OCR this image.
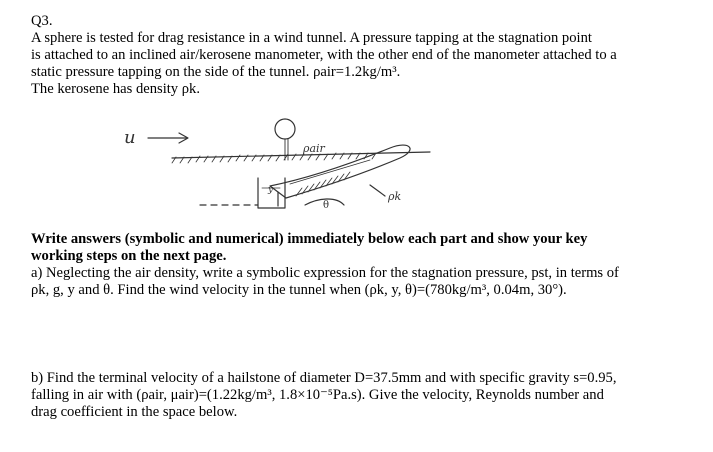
Q3.
A sphere is tested for drag resistance in a wind tunnel. A pressure tapping at the stagnation point
is attached to an inclined air/kerosene manometer, with the other end of the manometer attached to a
static pressure tapping on the side of the tunnel. ρair=1.2kg/m³.
The kerosene has density ρk.
u
ρair
ρk
y
θ
Write answers (symbolic and numerical) immediately below each part and show your key
working steps on the next page.
a) Neglecting the air density, write a symbolic expression for the stagnation pressure, pst, in terms of
ρk, g, y and θ. Find the wind velocity in the tunnel when (ρk, y, θ)=(780kg/m³, 0.04m, 30°).
b) Find the terminal velocity of a hailstone of diameter D=37.5mm and with specific gravity s=0.95,
falling in air with (ρair, μair)=(1.22kg/m³, 1.8×10⁻⁵Pa.s). Give the velocity, Reynolds number and
drag coefficient in the space below.
